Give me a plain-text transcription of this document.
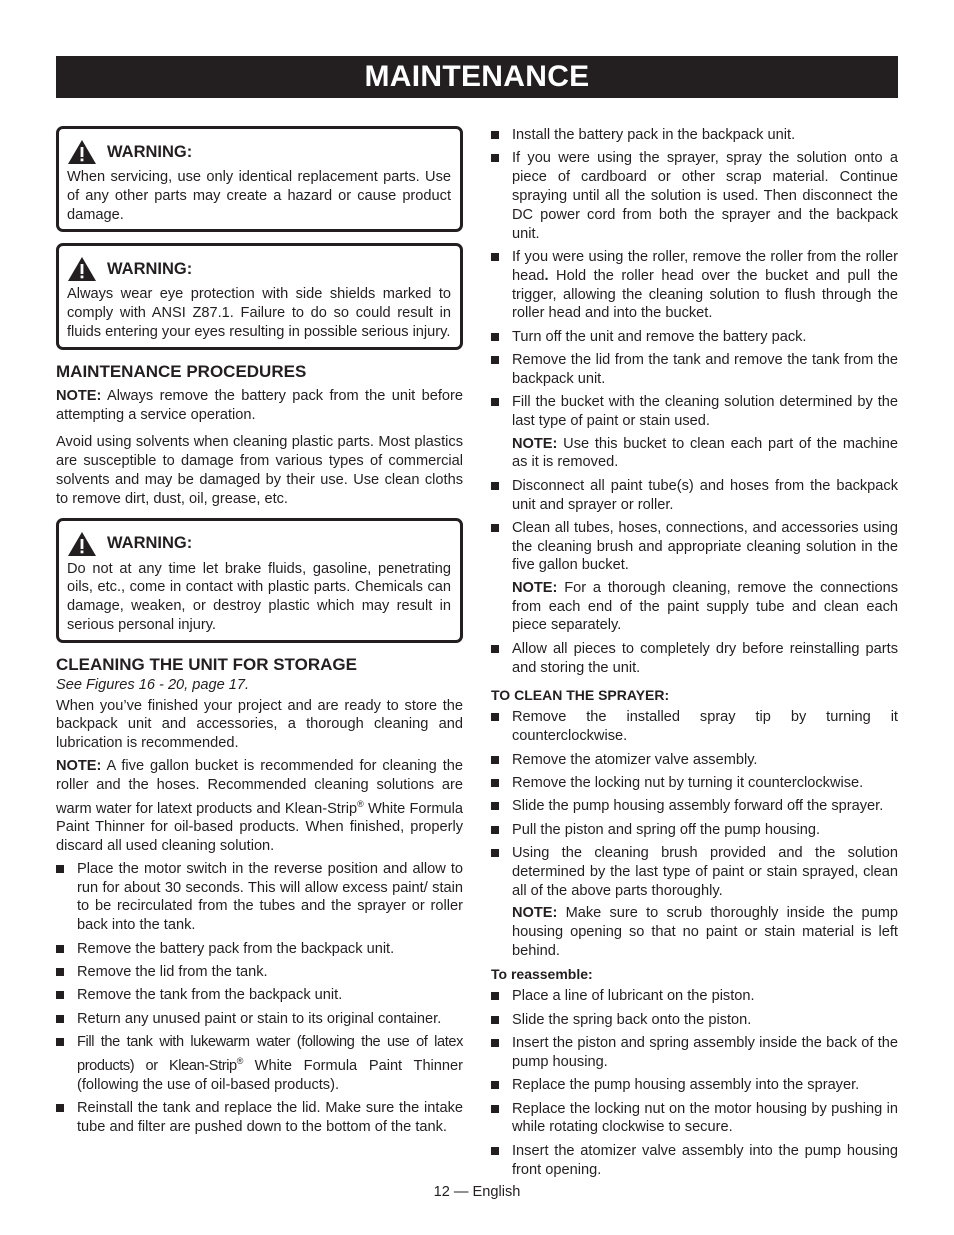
MAINTENANCE
WARNING:

When servicing, use only identical replacement parts. Use of any other parts may create a hazard or cause product damage.

WARNING:

Always wear eye protection with side shields marked to comply with ANSI Z87.1. Failure to do so could result in fluids entering your eyes resulting in possible serious injury.

MAINTENANCE PROCEDURES

NOTE: Always remove the battery pack from the unit before attempting a service operation.

Avoid using solvents when cleaning plastic parts. Most plastics are susceptible to damage from various types of commercial solvents and may be damaged by their use. Use clean cloths to remove dirt, dust, oil, grease, etc.

WARNING:

Do not at any time let brake fluids, gasoline, penetrating oils, etc., come in contact with plastic parts. Chemicals can damage, weaken, or destroy plastic which may result in serious personal injury.

CLEANING THE UNIT FOR STORAGE

See Figures 16 - 20, page 17.

When you’ve finished your project and are ready to store the backpack unit and accessories, a thorough cleaning and lubrication is recommended.

NOTE: A five gallon bucket is recommended for cleaning the roller and the hoses. Recommended cleaning solutions are warm water for latext products and Klean-Strip® White Formula Paint Thinner for oil-based products. When finished, properly discard all used cleaning solution.

Place the motor switch in the reverse position and allow to run for about 30 seconds. This will allow excess paint/ stain to be recirculated from the tubes and the sprayer or roller back into the tank.
Remove the battery pack from the backpack unit.
Remove the lid from the tank.
Remove the tank from the backpack unit.
Return any unused paint or stain to its original container.
Fill the tank with lukewarm water (following the use of latex products) or Klean-Strip® White Formula Paint Thinner (following the use of oil-based products).
Reinstall the tank and replace the lid. Make sure the intake tube and filter are pushed down to the bottom of the tank.
Install the battery pack in the backpack unit.
If you were using the sprayer, spray the solution onto a piece of cardboard or other scrap material. Continue spraying until all the solution is used. Then disconnect the DC power cord from both the sprayer and the backpack unit.
If you were using the roller, remove the roller from the roller head. Hold the roller head over the bucket and pull the trigger, allowing the cleaning solution to flush through the roller head and into the bucket.
Turn off the unit and remove the battery pack.
Remove the lid from the tank and remove the tank from the backpack unit.
Fill the bucket with the cleaning solution determined by the last type of paint or stain used.

NOTE: Use this bucket to clean each part of the machine as it is removed.

Disconnect all paint tube(s) and hoses from the backpack unit and sprayer or roller.
Clean all tubes, hoses, connections, and accessories using the cleaning brush and appropriate cleaning solution in the five gallon bucket.

NOTE: For a thorough cleaning, remove the connections from each end of the paint supply tube and clean each piece separately.

Allow all pieces to completely dry before reinstalling parts and storing the unit.
TO CLEAN THE SPRAYER:
Remove the installed spray tip by turning it counterclockwise.
Remove the atomizer valve assembly.
Remove the locking nut by turning it counterclockwise.
Slide the pump housing assembly forward off the sprayer.
Pull the piston and spring off the pump housing.
Using the cleaning brush provided and the solution determined by the last type of paint or stain sprayed, clean all of the above parts thoroughly.

NOTE: Make sure to scrub thoroughly inside the pump housing opening so that no paint or stain material is left behind.

To reassemble:
Place a line of lubricant on the piston.
Slide the spring back onto the piston.
Insert the piston and spring assembly inside the back of the pump housing.
Replace the pump housing assembly into the sprayer.
Replace the locking nut on the motor housing by pushing in while rotating clockwise to secure.
Insert the atomizer valve assembly into the pump housing front opening.
12 — English
